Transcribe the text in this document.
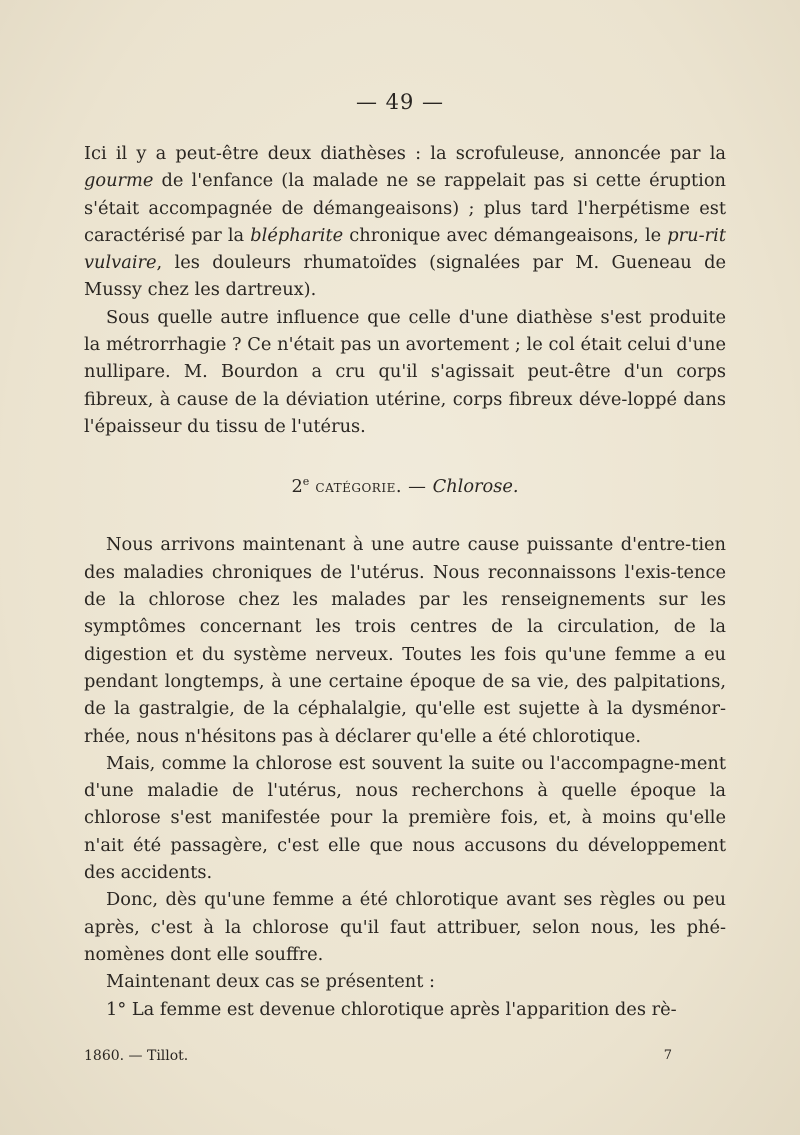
— 49 —

Ici il y a peut-être deux diathèses : la scrofuleuse, annoncée par la gourme de l'enfance (la malade ne se rappelait pas si cette éruption s'était accompagnée de démangeaisons) ; plus tard l'herpétisme est caractérisé par la blépharite chronique avec démangeaisons, le pru-rit vulvaire, les douleurs rhumatoïdes (signalées par M. Gueneau de Mussy chez les dartreux).

Sous quelle autre influence que celle d'une diathèse s'est produite la métrorrhagie ? Ce n'était pas un avortement ; le col était celui d'une nullipare. M. Bourdon a cru qu'il s'agissait peut-être d'un corps fibreux, à cause de la déviation utérine, corps fibreux déve-loppé dans l'épaisseur du tissu de l'utérus.

2e catégorie. — Chlorose.

Nous arrivons maintenant à une autre cause puissante d'entre-tien des maladies chroniques de l'utérus. Nous reconnaissons l'exis-tence de la chlorose chez les malades par les renseignements sur les symptômes concernant les trois centres de la circulation, de la digestion et du système nerveux. Toutes les fois qu'une femme a eu pendant longtemps, à une certaine époque de sa vie, des palpitations, de la gastralgie, de la céphalalgie, qu'elle est sujette à la dysménor-rhée, nous n'hésitons pas à déclarer qu'elle a été chlorotique.

Mais, comme la chlorose est souvent la suite ou l'accompagne-ment d'une maladie de l'utérus, nous recherchons à quelle époque la chlorose s'est manifestée pour la première fois, et, à moins qu'elle n'ait été passagère, c'est elle que nous accusons du développement des accidents.

Donc, dès qu'une femme a été chlorotique avant ses règles ou peu après, c'est à la chlorose qu'il faut attribuer, selon nous, les phé-nomènes dont elle souffre.

Maintenant deux cas se présentent :

1° La femme est devenue chlorotique après l'apparition des rè-

1860. — Tillot.	7
